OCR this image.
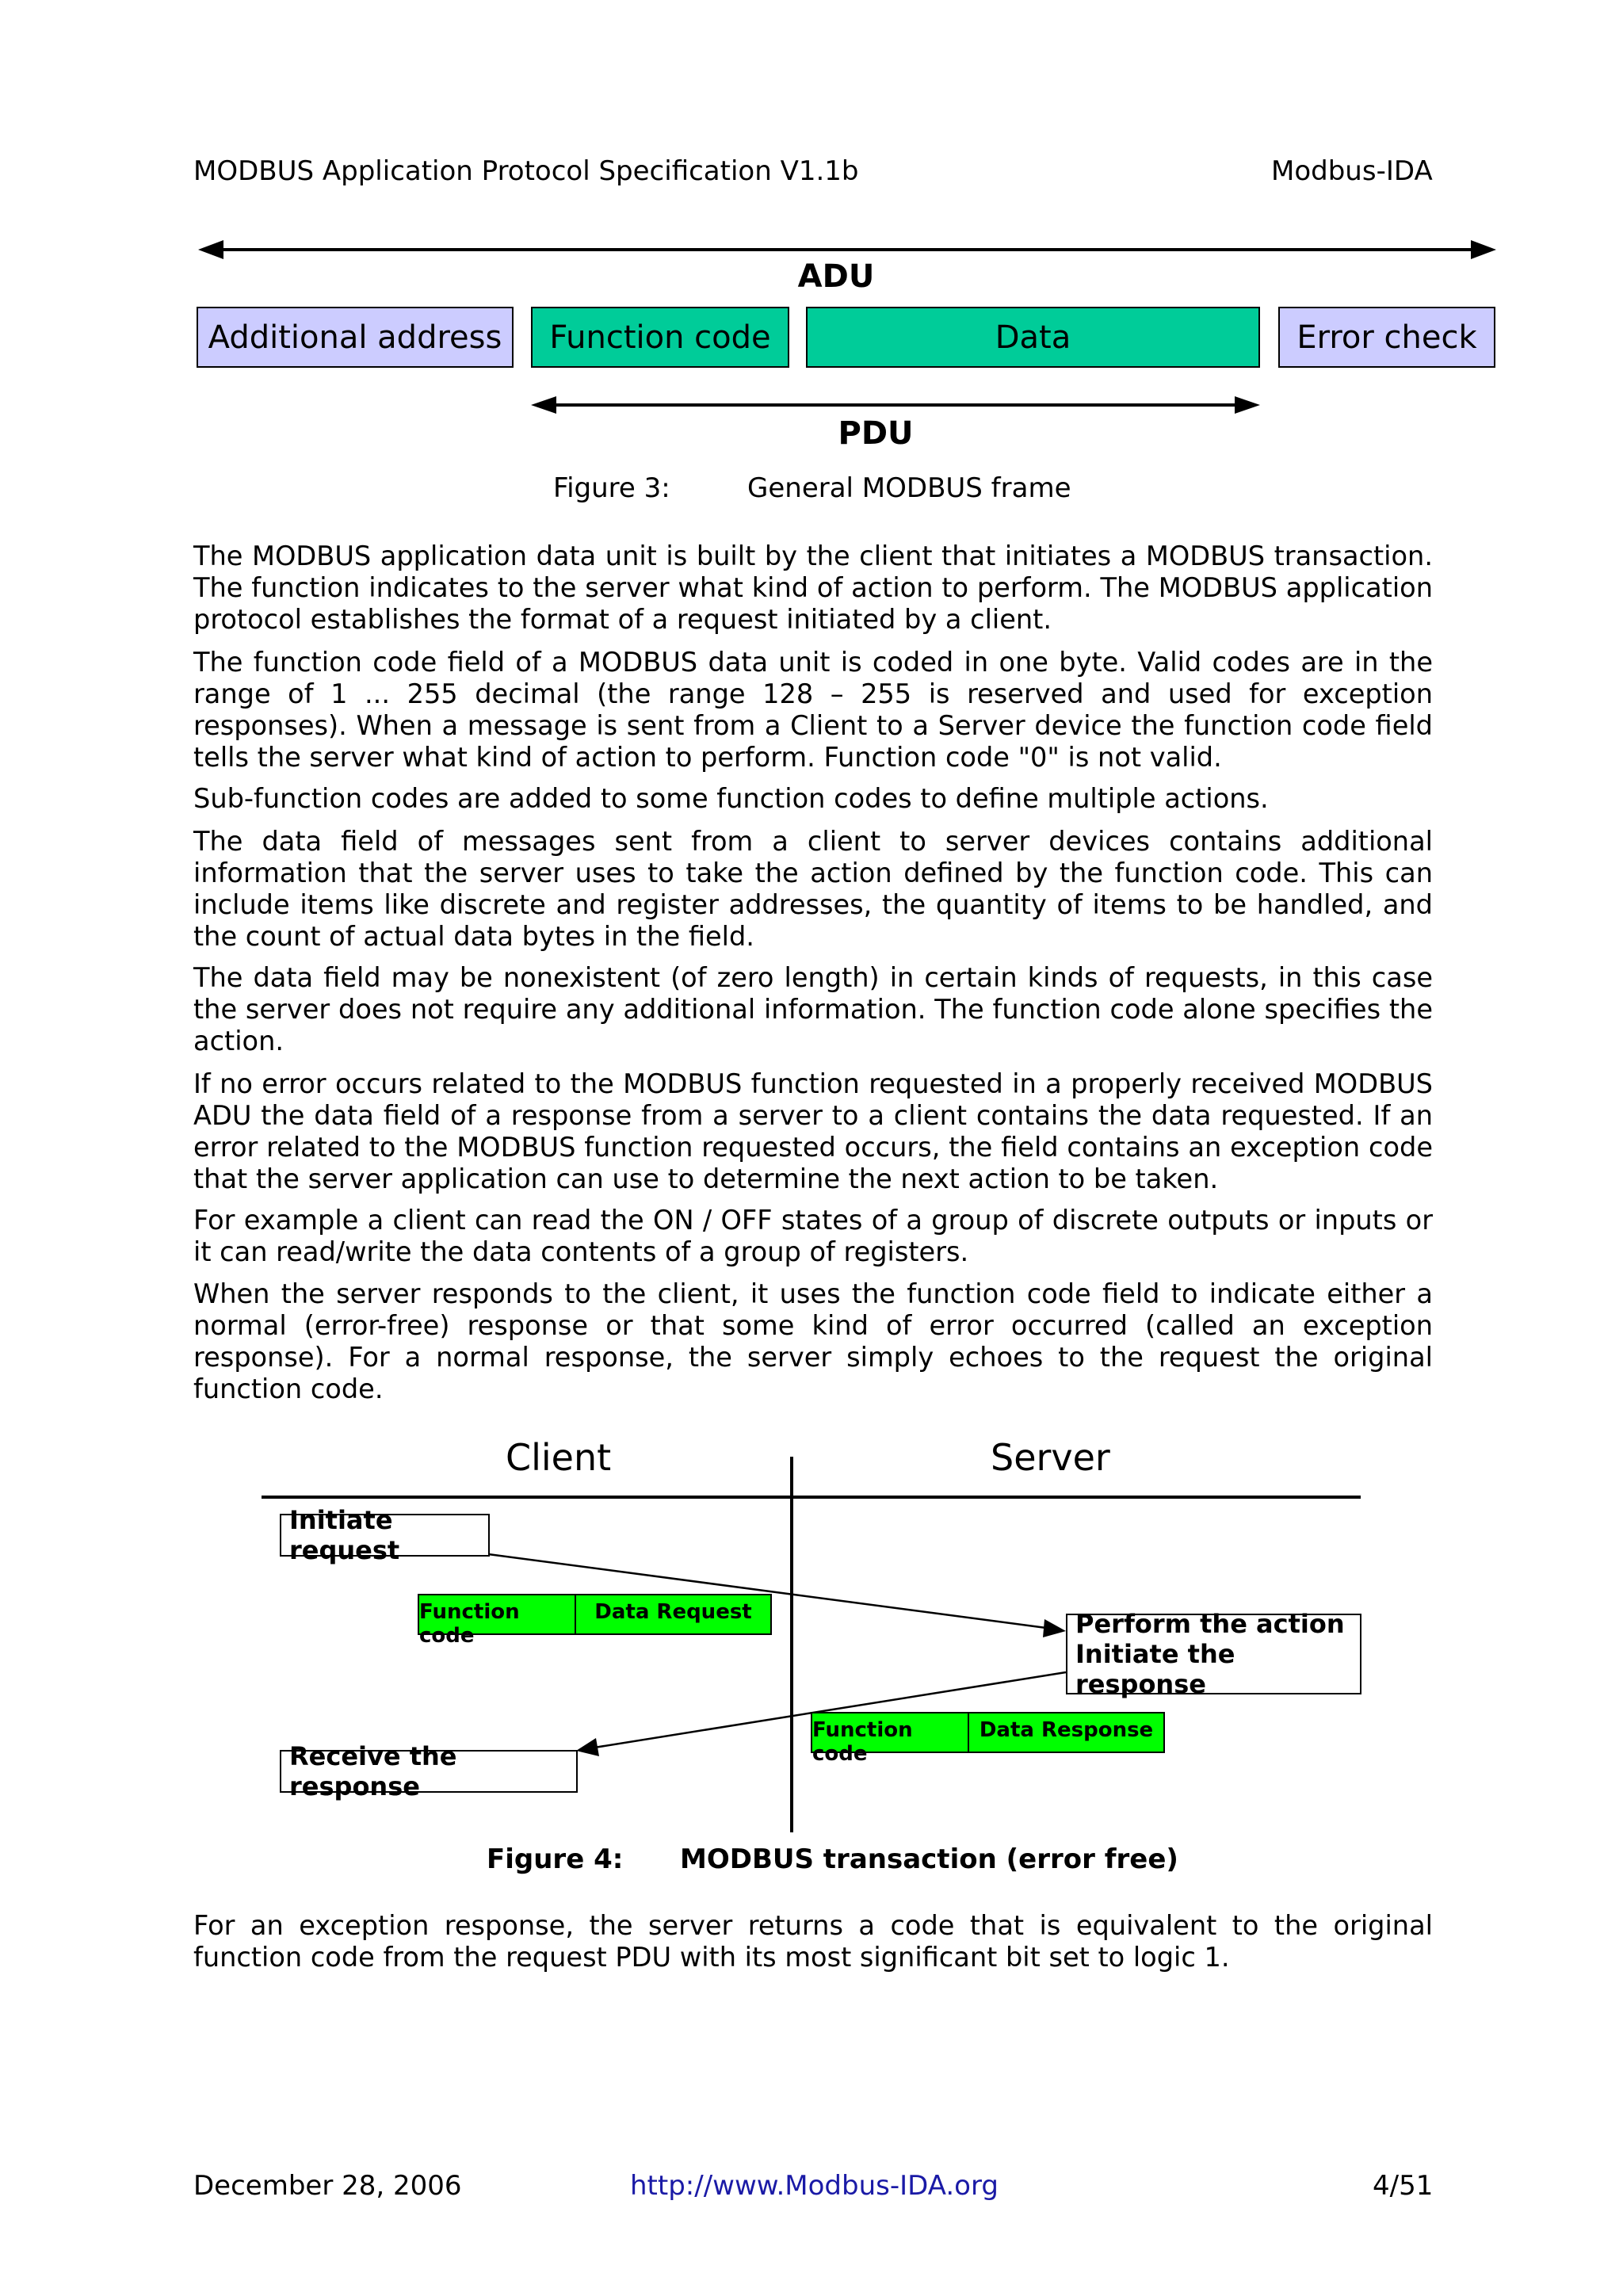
MODBUS Application Protocol Specification V1.1b	Modbus-IDA
ADU
Additional address	Function code	Data	Error check
PDU
Figure 3:	General MODBUS frame

The MODBUS application data unit is built by the client that initiates a MODBUS transaction. The function indicates to the server what kind of action to perform. The MODBUS application protocol establishes the format of a request initiated by a client.

The function code field of a MODBUS data unit is coded in one byte. Valid codes are in the range of 1 ... 255 decimal (the range 128 – 255 is reserved and used for exception responses). When a message is sent from a Client to a Server device the function code field tells the server what kind of action to perform. Function code "0" is not valid.

Sub-function codes are added to some function codes to define multiple actions.

The data field of messages sent from a client to server devices contains additional information that the server uses to take the action defined by the function code. This can include items like discrete and register addresses, the quantity of items to be handled, and the count of actual data bytes in the field.

The data field may be nonexistent (of zero length) in certain kinds of requests, in this case the server does not require any additional information. The function code alone specifies the action.

If no error occurs related to the MODBUS function requested in a properly received MODBUS ADU the data field of a response from a server to a client contains the data requested. If an error related to the MODBUS function requested occurs, the field contains an exception code that the server application can use to determine the next action to be taken.

For example a client can read the ON / OFF states of a group of discrete outputs or inputs or it can read/write the data contents of a group of registers.

When the server responds to the client, it uses the function code field to indicate either a normal (error-free) response or that some kind of error occurred (called an exception response). For a normal response, the server simply echoes to the request the original function code.

Client	Server
Initiate request
Function code
Data Request	Perform the action
Initiate the response
Function code
Data Response
Receive the response
Figure 4: MODBUS transaction (error free)

For an exception response, the server returns a code that is equivalent to the original function code from the request PDU with its most significant bit set to logic 1.

December 28, 2006	http://www.Modbus-IDA.org	4/51
